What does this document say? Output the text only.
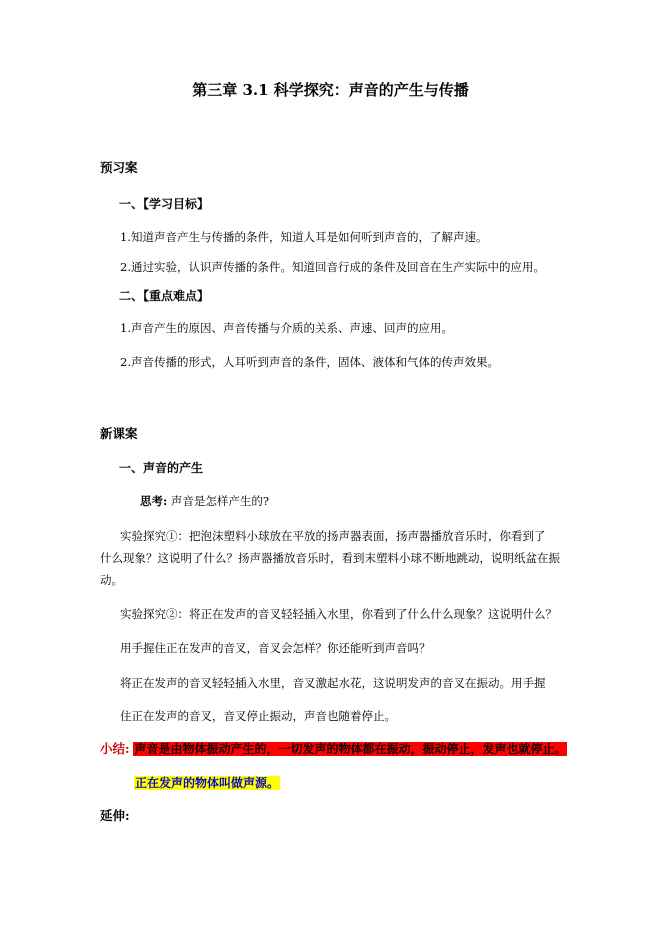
第三章 3.1 科学探究：声音的产生与传播
预习案
一、【学习目标】
1.知道声音产生与传播的条件，知道人耳是如何听到声音的，了解声速。
2.通过实验，认识声传播的条件。知道回音行成的条件及回音在生产实际中的应用。
二、【重点难点】
1.声音产生的原因、声音传播与介质的关系、声速、回声的应用。
2.声音传播的形式，人耳听到声音的条件，固体、液体和气体的传声效果。
新课案
一、声音的产生
思考: 声音是怎样产生的?
实验探究①：把泡沫塑料小球放在平放的扬声器表面，扬声器播放音乐时，你看到了
什么现象？这说明了什么？扬声器播放音乐时，看到末塑料小球不断地跳动，说明纸盆在振
动。
实验探究②：将正在发声的音叉轻轻插入水里，你看到了什么什么现象？这说明什么？
用手握住正在发声的音叉，音叉会怎样？你还能听到声音吗？
将正在发声的音叉轻轻插入水里，音叉激起水花，这说明发声的音叉在振动。用手握
住正在发声的音叉，音叉停止振动，声音也随着停止。
小结: 声音是由物体振动产生的，一切发声的物体都在振动，振动停止，发声也就停止。
正在发声的物体叫做声源。
延伸:
